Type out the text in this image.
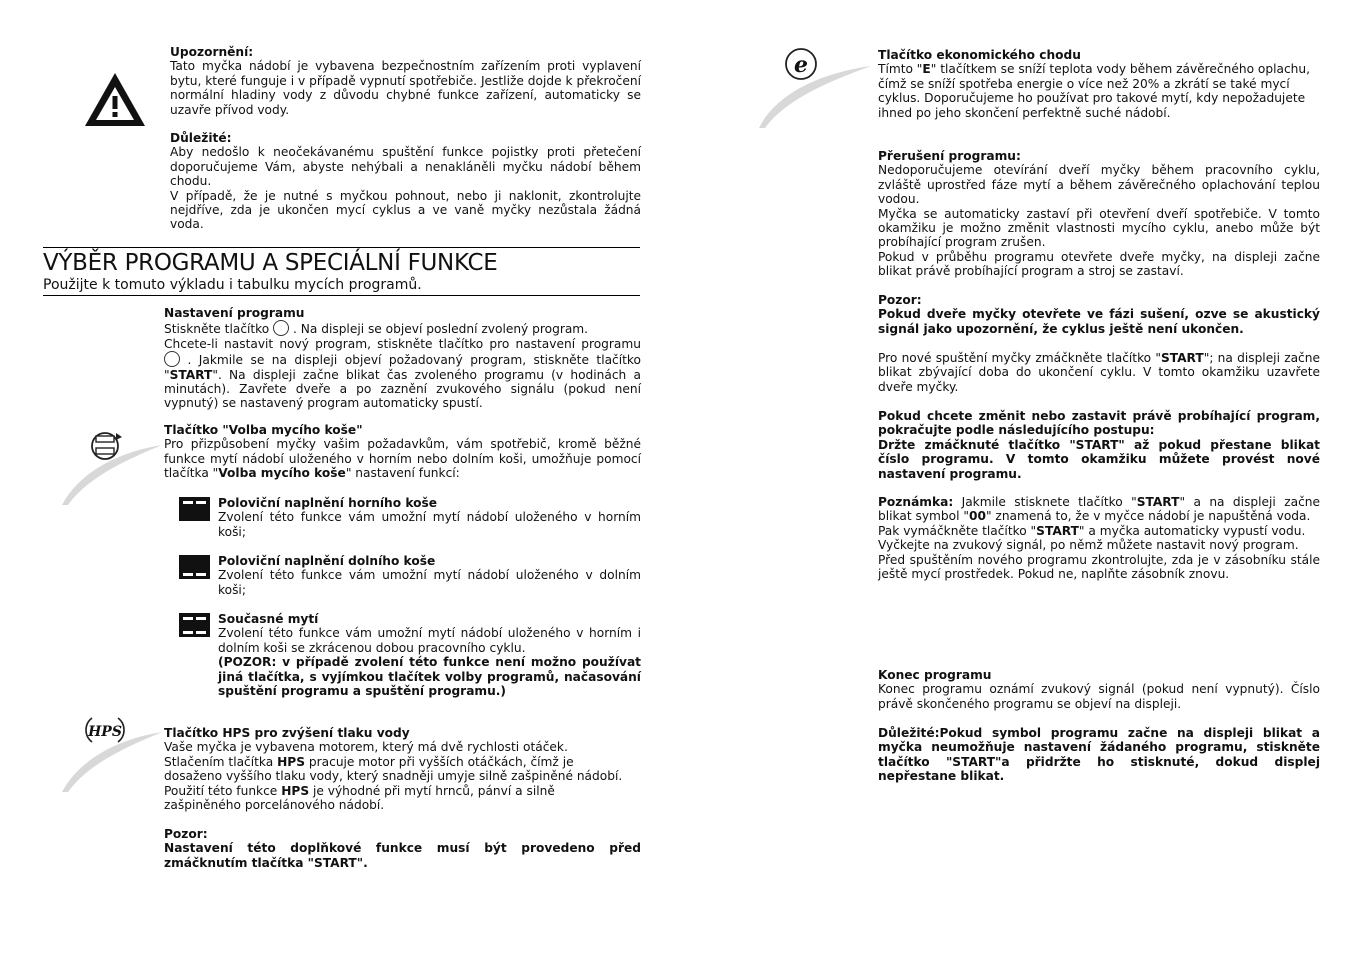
Upozornění:

Tato myčka nádobí je vybavena bezpečnostním zařízením proti vyplavení bytu, které funguje i v případě vypnutí spotřebiče. Jestliže dojde k překročení normální hladiny vody z důvodu chybné funkce zařízení, automaticky se uzavře přívod vody.

Důležité:

Aby nedošlo k neočekávanému spuštění funkce pojistky proti přetečení doporučujeme Vám, abyste nehýbali a nenakláněli myčku nádobí během chodu.

V případě, že je nutné s myčkou pohnout, nebo ji naklonit, zkontrolujte nejdříve, zda je ukončen mycí cyklus a ve vaně myčky nezůstala žádná voda.

VÝBĚR PROGRAMU A SPECIÁLNÍ FUNKCE
Použijte k tomuto výkladu i tabulku mycích programů.

Nastavení programu

Stiskněte tlačítko . Na displeji se objeví poslední zvolený program.

Chcete-li nastavit nový program, stiskněte tlačítko pro nastavení programu  . Jakmile se na displeji objeví požadovaný program, stiskněte tlačítko "START". Na displeji začne blikat čas zvoleného programu (v hodinách a minutách). Zavřete dveře a po zaznění zvukového signálu (pokud není vypnutý) se nastavený program automaticky spustí.

Tlačítko "Volba mycího koše"

Pro přizpůsobení myčky vašim požadavkům, vám spotřebič, kromě běžné funkce mytí nádobí uloženého v horním nebo dolním koši, umožňuje pomocí tlačítka "Volba mycího koše" nastavení funkcí:

Poloviční naplnění horního koše

Zvolení této funkce vám umožní mytí nádobí uloženého v horním koši;

Poloviční naplnění dolního koše

Zvolení této funkce vám umožní mytí nádobí uloženého v dolním koši;

Současné mytí

Zvolení této funkce vám umožní mytí nádobí uloženého v horním i dolním koši se zkrácenou dobou pracovního cyklu.

(POZOR: v případě zvolení této funkce není možno používat jiná tlačítka, s vyjímkou tlačítek volby programů, načasování spuštění programu a spuštění programu.)

HPS	Tlačítko HPS pro zvýšení tlaku vody

Vaše myčka je vybavena motorem, který má dvě rychlosti otáček. Stlačením tlačítka HPS pracuje motor při vyšších otáčkách, čímž je dosaženo vyššího tlaku vody, který snadněji umyje silně zašpiněné nádobí. Použití této funkce HPS je výhodné při mytí hrnců, pánví a silně zašpiněného porcelánového nádobí.

Pozor:

Nastavení této doplňkové funkce musí být provedeno před zmáčknutím tlačítka "START".

e	Tlačítko ekonomického chodu

Tímto "E" tlačítkem se sníží teplota vody během závěrečného oplachu, čímž se sníží spotřeba energie o více než 20% a zkrátí se také mycí cyklus. Doporučujeme ho používat pro takové mytí, kdy nepožadujete ihned po jeho skončení perfektně suché nádobí.

Přerušení programu:

Nedoporučujeme otevírání dveří myčky během pracovního cyklu, zvláště uprostřed fáze mytí a během závěrečného oplachování teplou vodou.

Myčka se automaticky zastaví při otevření dveří spotřebiče. V tomto okamžiku je možno změnit vlastnosti mycího cyklu, anebo může být probíhající program zrušen.

Pokud v průběhu programu otevřete dveře myčky, na displeji začne blikat právě probíhající program a stroj se zastaví.

Pozor:

Pokud dveře myčky otevřete ve fázi sušení, ozve se akustický signál jako upozornění, že cyklus ještě není ukončen.

Pro nové spuštění myčky zmáčkněte tlačítko "START"; na displeji začne blikat zbývající doba do ukončení cyklu. V tomto okamžiku uzavřete dveře myčky.

Pokud chcete změnit nebo zastavit právě probíhající program, pokračujte podle následujícího postupu:

Držte zmáčknuté tlačítko "START" až pokud přestane blikat číslo programu. V tomto okamžiku můžete provést nové nastavení programu.

Poznámka: Jakmile stisknete tlačítko "START" a na displeji začne blikat symbol "00" znamená to, že v myčce nádobí je napuštěná voda.

Pak vymáčkněte tlačítko "START" a myčka automaticky vypustí vodu.

Vyčkejte na zvukový signál, po němž můžete nastavit nový program.

Před spuštěním nového programu zkontrolujte, zda je v zásobníku stále ještě mycí prostředek. Pokud ne, naplňte zásobník znovu.

Konec programu

Konec programu oznámí zvukový signál (pokud není vypnutý). Číslo právě skončeného programu se objeví na displeji.

Důležité:Pokud symbol programu začne na displeji blikat a myčka neumožňuje nastavení žádaného programu, stiskněte tlačítko "START"a přidržte ho stisknuté, dokud displej nepřestane blikat.
